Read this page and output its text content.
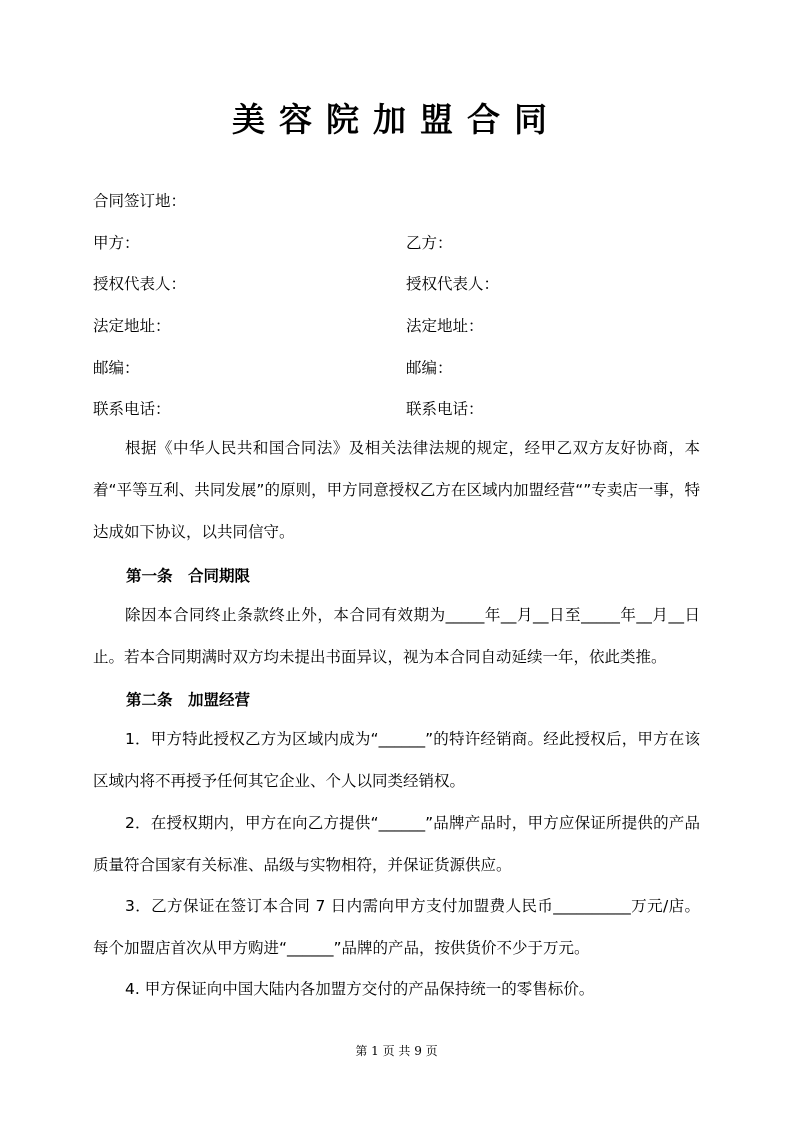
美容院加盟合同
合同签订地：
甲方：	乙方：
授权代表人：	授权代表人：
法定地址：	法定地址：
邮编：	邮编：
联系电话：	联系电话：
根据《中华人民共和国合同法》及相关法律法规的规定，经甲乙双方友好协商，本着“平等互利、共同发展”的原则，甲方同意授权乙方在区域内加盟经营“”专卖店一事，特达成如下协议，以共同信守。
第一条　合同期限
除因本合同终止条款终止外，本合同有效期为_____年__月__日至_____年__月__日止。若本合同期满时双方均未提出书面异议，视为本合同自动延续一年，依此类推。
第二条　加盟经营
1．甲方特此授权乙方为区域内成为“______”的特许经销商。经此授权后，甲方在该区域内将不再授予任何其它企业、个人以同类经销权。
2．在授权期内，甲方在向乙方提供“______”品牌产品时，甲方应保证所提供的产品质量符合国家有关标准、品级与实物相符，并保证货源供应。
3．乙方保证在签订本合同 7 日内需向甲方支付加盟费人民币__________万元/店。每个加盟店首次从甲方购进“______”品牌的产品，按供货价不少于万元。
4. 甲方保证向中国大陆内各加盟方交付的产品保持统一的零售标价。
第 1 页 共 9 页
